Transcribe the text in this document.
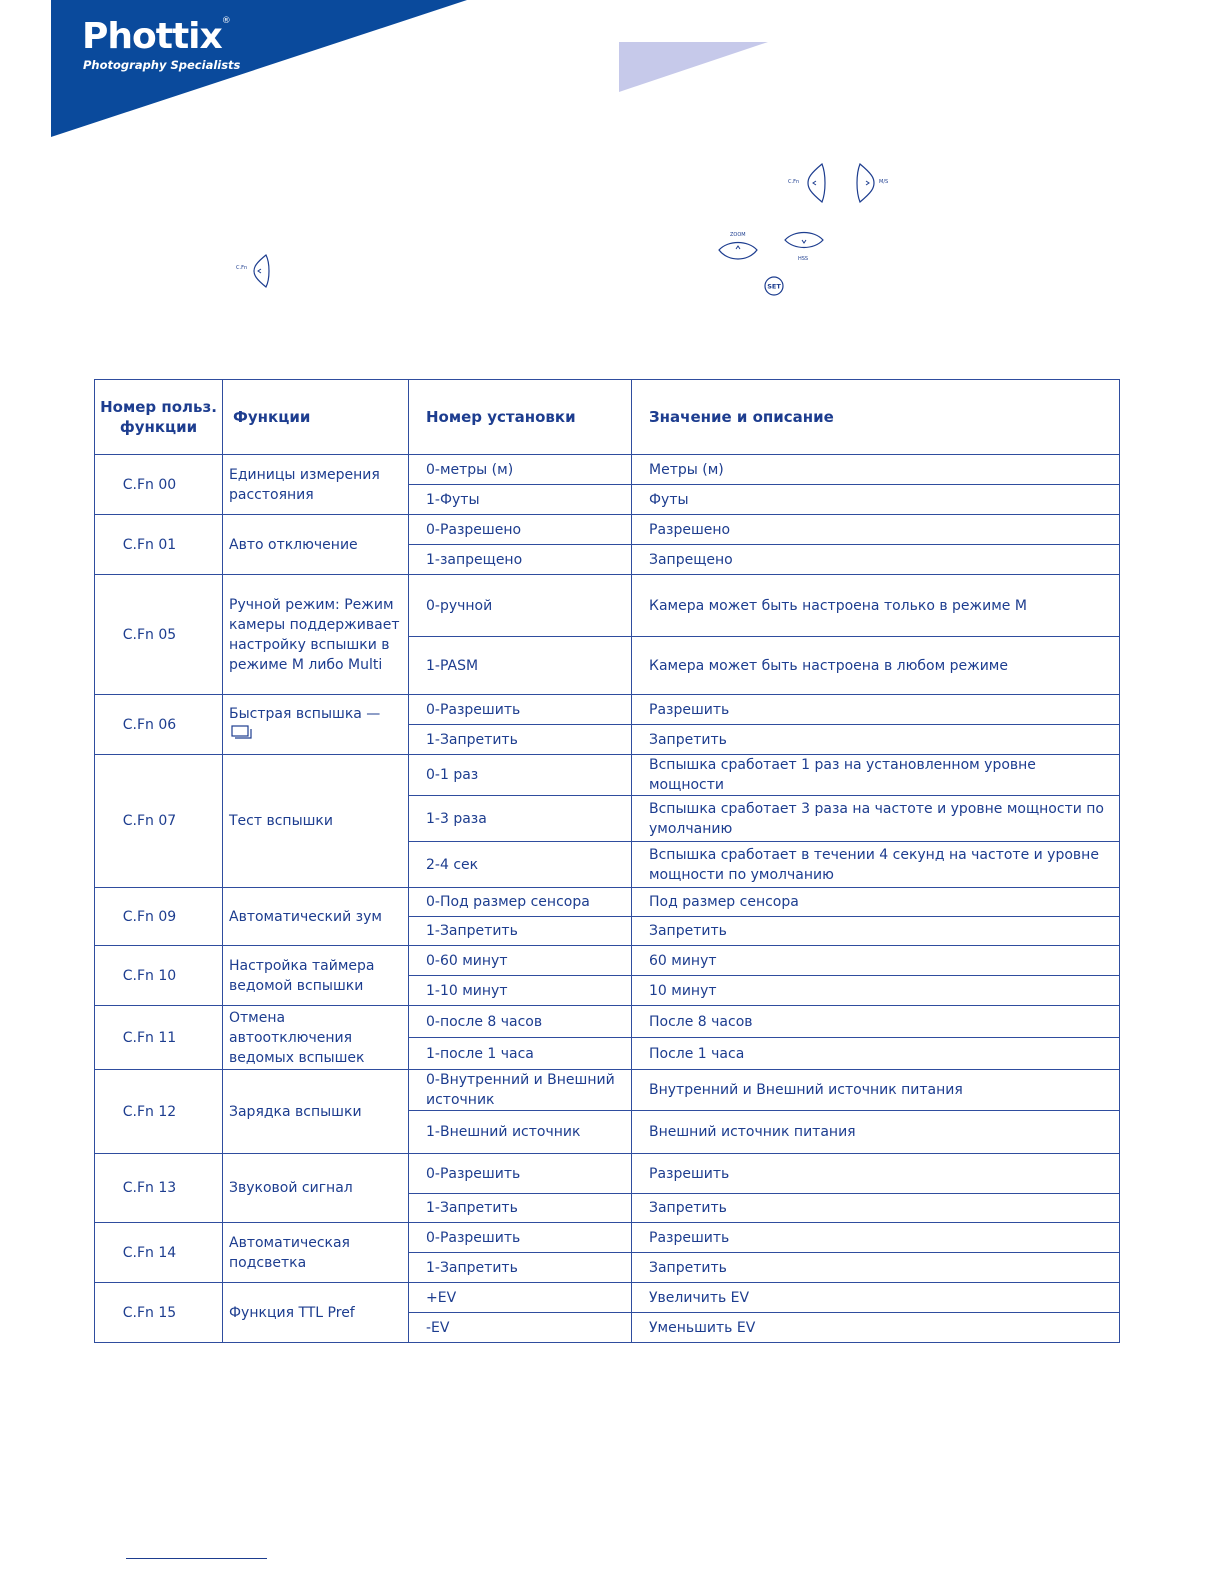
Phottix®
Photography Specialists
C.Fn
C.Fn	M/S
ZOOM
HSS
SET
Номер польз. функции	Функции	Номер установки	Значение и описание
C.Fn 00	Единицы измерения расстояния	0-метры (м)	Метры (м)
		1-Футы	Футы
C.Fn 01	Авто отключение	0-Разрешено	Разрешено
		1-запрещено	Запрещено
C.Fn 05	Ручной режим: Режим камеры поддерживает настройку вспышки в режиме M либо Multi	0-ручной	Камера может быть настроена только в режиме M
		1-PASM	Камера может быть настроена в любом режиме
C.Fn 06	Быстрая вспышка —	0-Разрешить	Разрешить
		1-Запретить	Запретить
C.Fn 07	Тест вспышки	0-1 раз	Вспышка сработает 1 раз на установленном уровне мощности
		1-3 раза	Вспышка сработает 3 раза на частоте и уровне мощности по умолчанию
		2-4 сек	Вспышка сработает в течении 4 секунд на частоте и уровне мощности по умолчанию
C.Fn 09	Автоматический зум	0-Под размер сенсора	Под размер сенсора
		1-Запретить	Запретить
C.Fn 10	Настройка таймера ведомой вспышки	0-60 минут	60 минут
		1-10 минут	10 минут
C.Fn 11	Отмена автоотключения ведомых вспышек	0-после 8 часов	После 8 часов
		1-после 1 часа	После 1 часа
C.Fn 12	Зарядка вспышки	0-Внутренний и Внешний источник	Внутренний и Внешний источник питания
		1-Внешний источник	Внешний источник питания
C.Fn 13	Звуковой сигнал	0-Разрешить	Разрешить
		1-Запретить	Запретить
C.Fn 14	Автоматическая подсветка	0-Разрешить	Разрешить
		1-Запретить	Запретить
C.Fn 15	Функция TTL Pref	+EV	Увеличить EV
		-EV	Уменьшить EV
